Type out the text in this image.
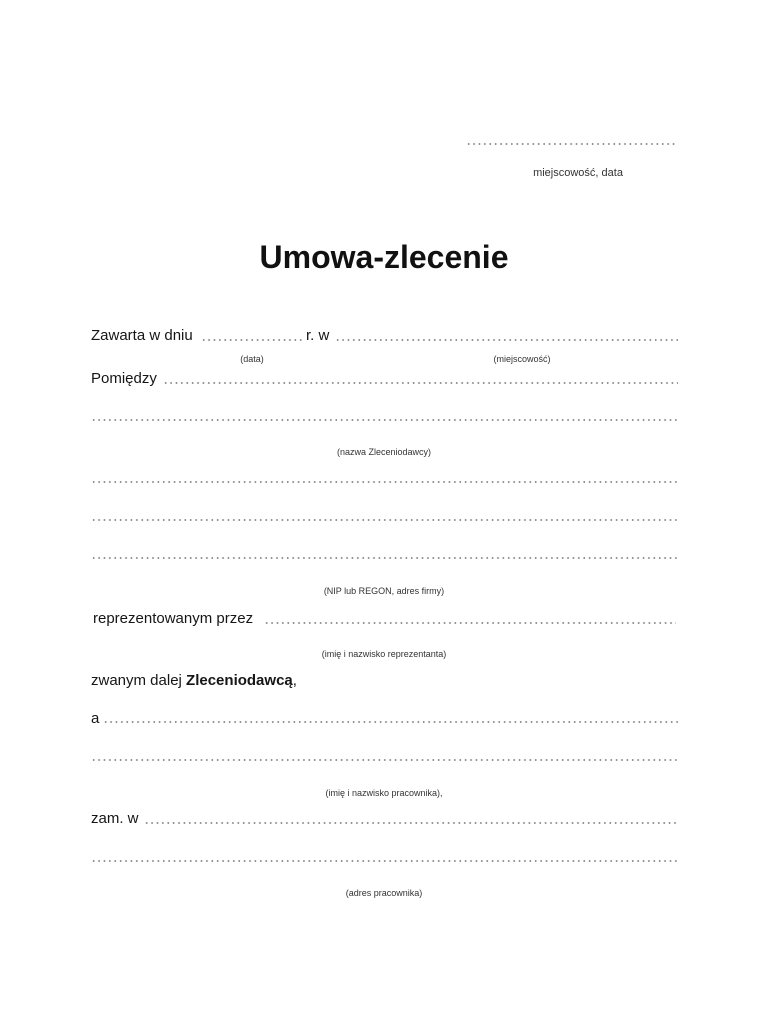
miejscowość, data
Umowa-zlecenie
Zawarta w dniu	r. w
(data)	(miejscowość)
Pomiędzy
(nazwa Zleceniodawcy)
(NIP lub REGON, adres firmy)
reprezentowanym przez
(imię i nazwisko reprezentanta)
zwanym dalej Zleceniodawcą,
a
(imię i nazwisko pracownika),
zam. w
(adres pracownika)
